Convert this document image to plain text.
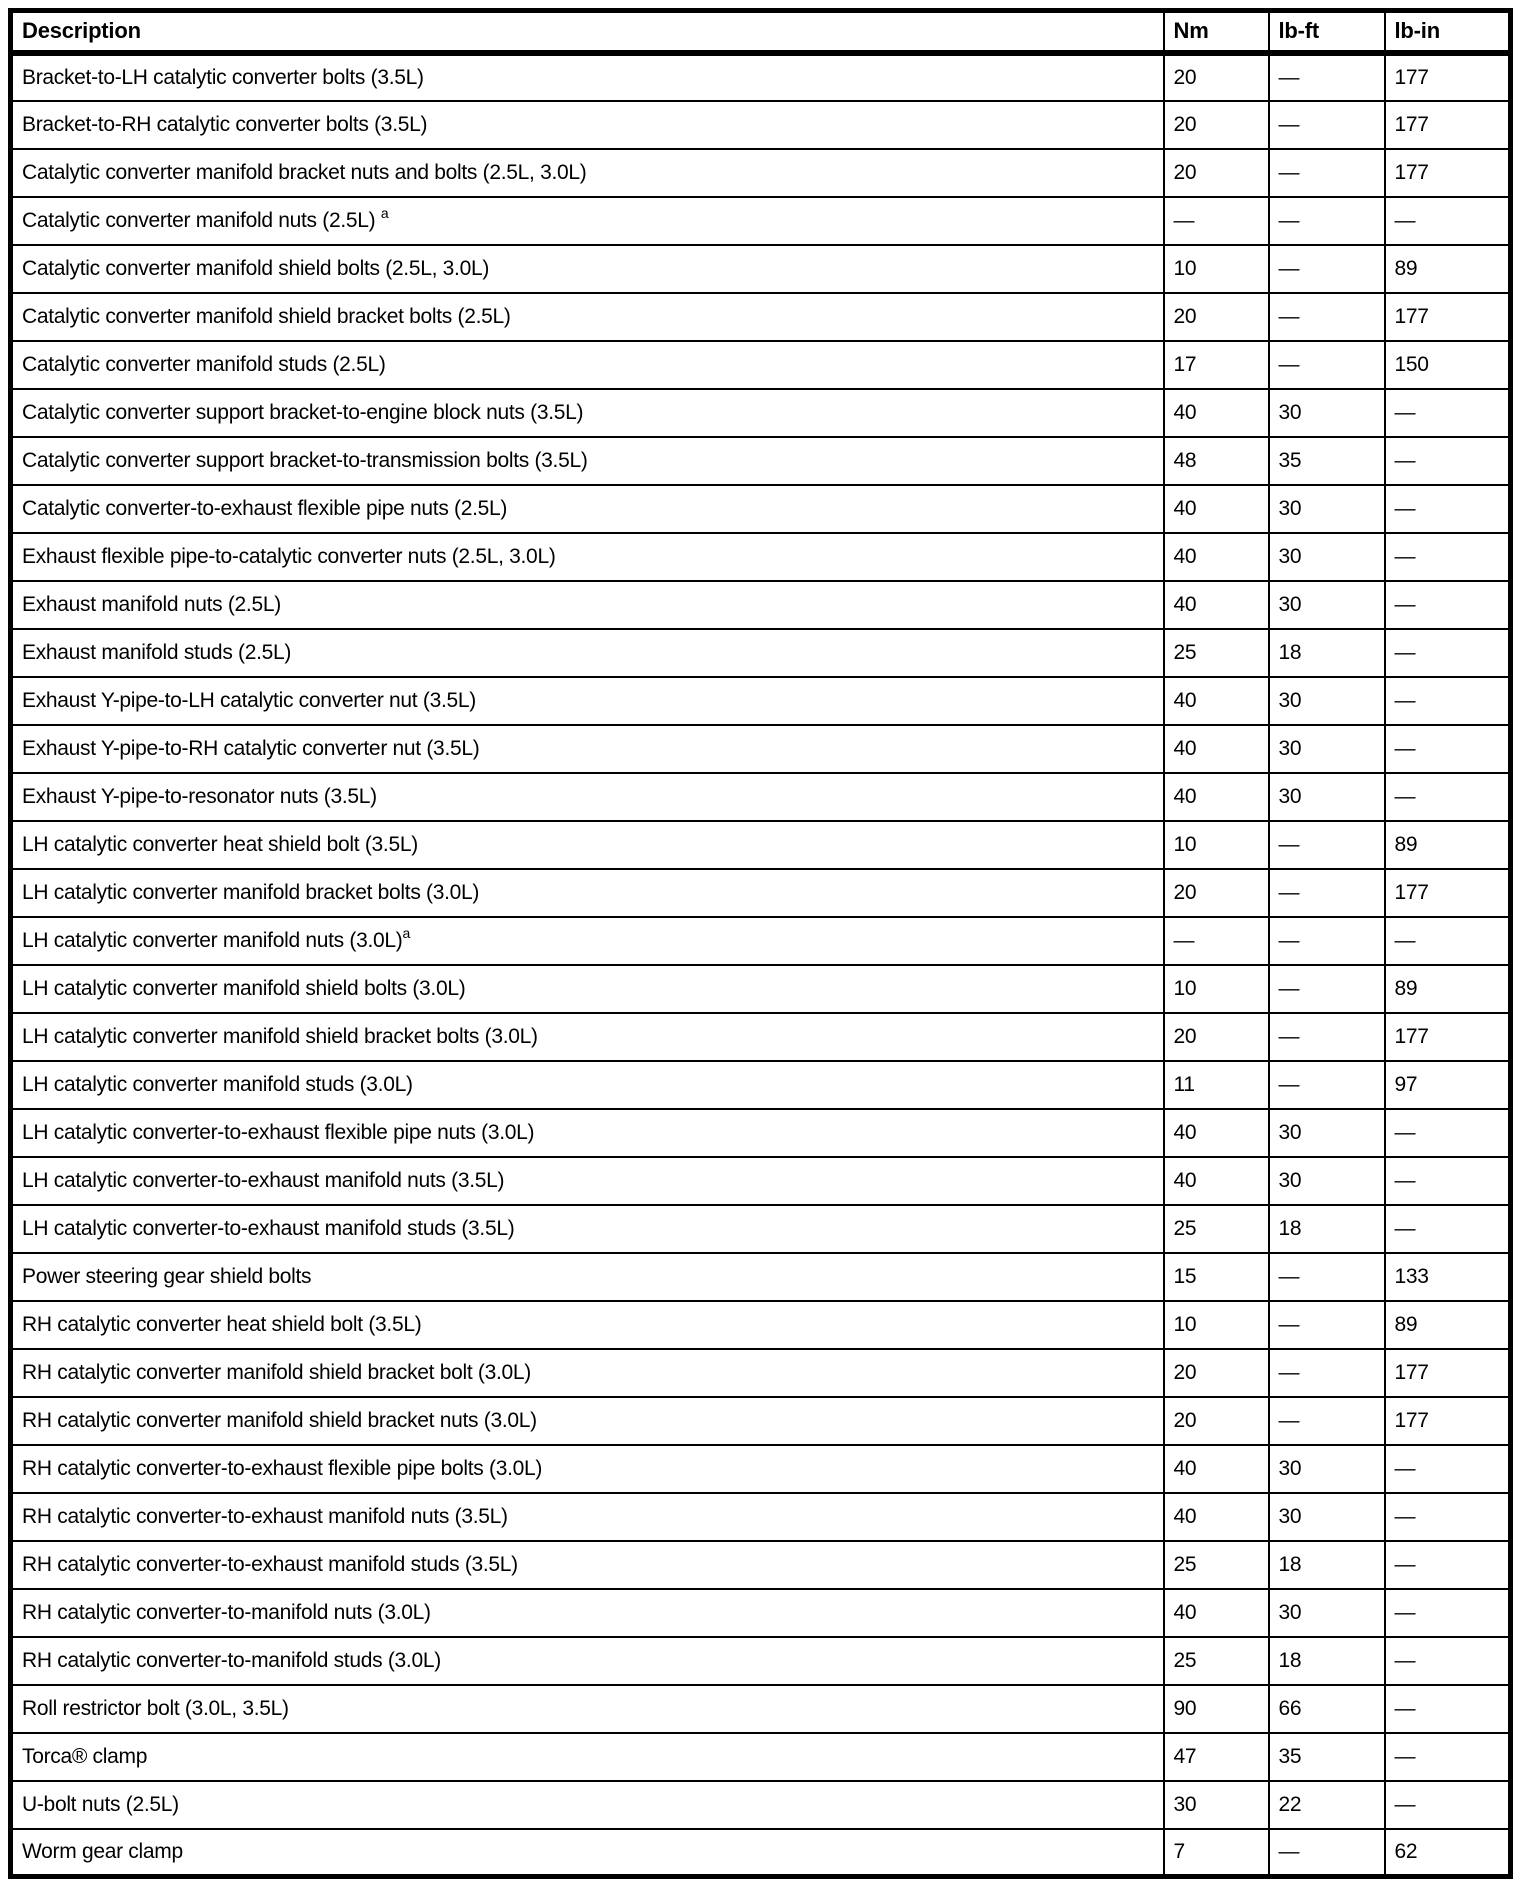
Description	Nm	lb-ft	lb-in
Bracket-to-LH catalytic converter bolts (3.5L)	20	—	177
Bracket-to-RH catalytic converter bolts (3.5L)	20	—	177
Catalytic converter manifold bracket nuts and bolts (2.5L, 3.0L)	20	—	177
Catalytic converter manifold nuts (2.5L) $^a$	—	—	—
Catalytic converter manifold shield bolts (2.5L, 3.0L)	10	—	89
Catalytic converter manifold shield bracket bolts (2.5L)	20	—	177
Catalytic converter manifold studs (2.5L)	17	—	150
Catalytic converter support bracket-to-engine block nuts (3.5L)	40	30	—
Catalytic converter support bracket-to-transmission bolts (3.5L)	48	35	—
Catalytic converter-to-exhaust flexible pipe nuts (2.5L)	40	30	—
Exhaust flexible pipe-to-catalytic converter nuts (2.5L, 3.0L)	40	30	—
Exhaust manifold nuts (2.5L)	40	30	—
Exhaust manifold studs (2.5L)	25	18	—
Exhaust Y-pipe-to-LH catalytic converter nut (3.5L)	40	30	—
Exhaust Y-pipe-to-RH catalytic converter nut (3.5L)	40	30	—
Exhaust Y-pipe-to-resonator nuts (3.5L)	40	30	—
LH catalytic converter heat shield bolt (3.5L)	10	—	89
LH catalytic converter manifold bracket bolts (3.0L)	20	—	177
LH catalytic converter manifold nuts $(3.0L)^a$	—	—	—
LH catalytic converter manifold shield bolts (3.0L)	10	—	89
LH catalytic converter manifold shield bracket bolts (3.0L)	20	—	177
LH catalytic converter manifold studs (3.0L)	11	—	97
LH catalytic converter-to-exhaust flexible pipe nuts (3.0L)	40	30	—
LH catalytic converter-to-exhaust manifold nuts (3.5L)	40	30	—
LH catalytic converter-to-exhaust manifold studs (3.5L)	25	18	—
Power steering gear shield bolts	15	—	133
RH catalytic converter heat shield bolt (3.5L)	10	—	89
RH catalytic converter manifold shield bracket bolt (3.0L)	20	—	177
RH catalytic converter manifold shield bracket nuts (3.0L)	20	—	177
RH catalytic converter-to-exhaust flexible pipe bolts (3.0L)	40	30	—
RH catalytic converter-to-exhaust manifold nuts (3.5L)	40	30	—
RH catalytic converter-to-exhaust manifold studs (3.5L)	25	18	—
RH catalytic converter-to-manifold nuts (3.0L)	40	30	—
RH catalytic converter-to-manifold studs (3.0L)	25	18	—
Roll restrictor bolt (3.0L, 3.5L)	90	66	—
Torca® clamp	47	35	—
U-bolt nuts (2.5L)	30	22	—
Worm gear clamp	7	—	62
